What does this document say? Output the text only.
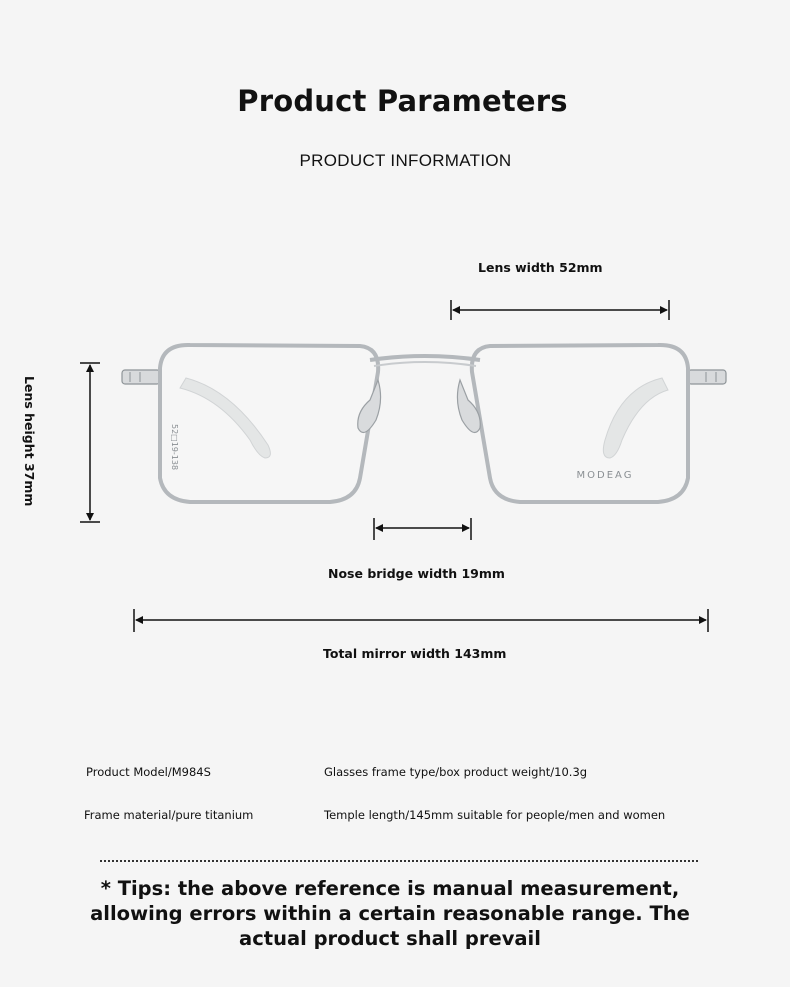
Product Parameters
PRODUCT INFORMATION
Lens width 52mm
52□19-138
MODEAG
Lens height 37mm
Nose bridge width 19mm
Total mirror width 143mm
Product Model/M984S	Glasses frame type/box product weight/10.3g
Frame material/pure titanium	Temple length/145mm suitable for people/men and women
* Tips: the above reference is manual measurement, allowing errors within a certain reasonable range. The actual product shall prevail
